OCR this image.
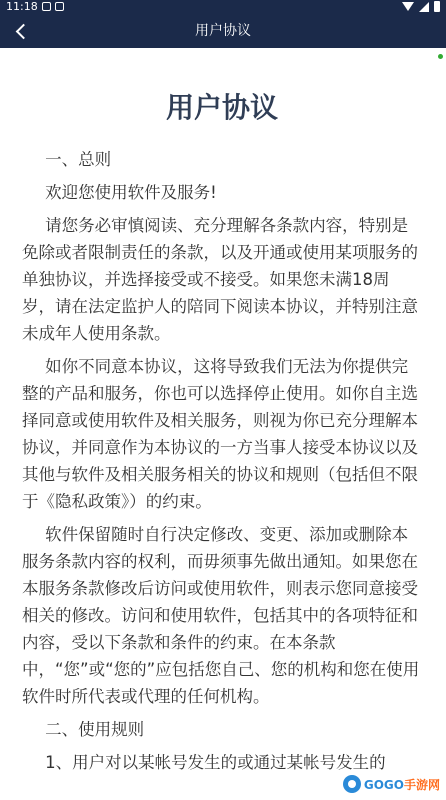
11:18
用户协议
用户协议
一、总则
欢迎您使用软件及服务!
请您务必审慎阅读、充分理解各条款内容，特别是免除或者限制责任的条款，以及开通或使用某项服务的单独协议，并选择接受或不接受。如果您未满18周岁，请在法定监护人的陪同下阅读本协议，并特别注意未成年人使用条款。
如你不同意本协议，这将导致我们无法为你提供完整的产品和服务，你也可以选择停止使用。如你自主选择同意或使用软件及相关服务，则视为你已充分理解本协议，并同意作为本协议的一方当事人接受本协议以及其他与软件及相关服务相关的协议和规则（包括但不限于《隐私政策》）的约束。
软件保留随时自行决定修改、变更、添加或删除本服务条款内容的权利，而毋须事先做出通知。如果您在本服务条款修改后访问或使用软件，则表示您同意接受相关的修改。访问和使用软件，包括其中的各项特征和内容，受以下条款和条件的约束。在本条款中，“您”或“您的”应包括您自己、您的机构和您在使用软件时所代表或代理的任何机构。
二、使用规则
1、用户对以某帐号发生的或通过某帐号发生的
GOGO手游网
